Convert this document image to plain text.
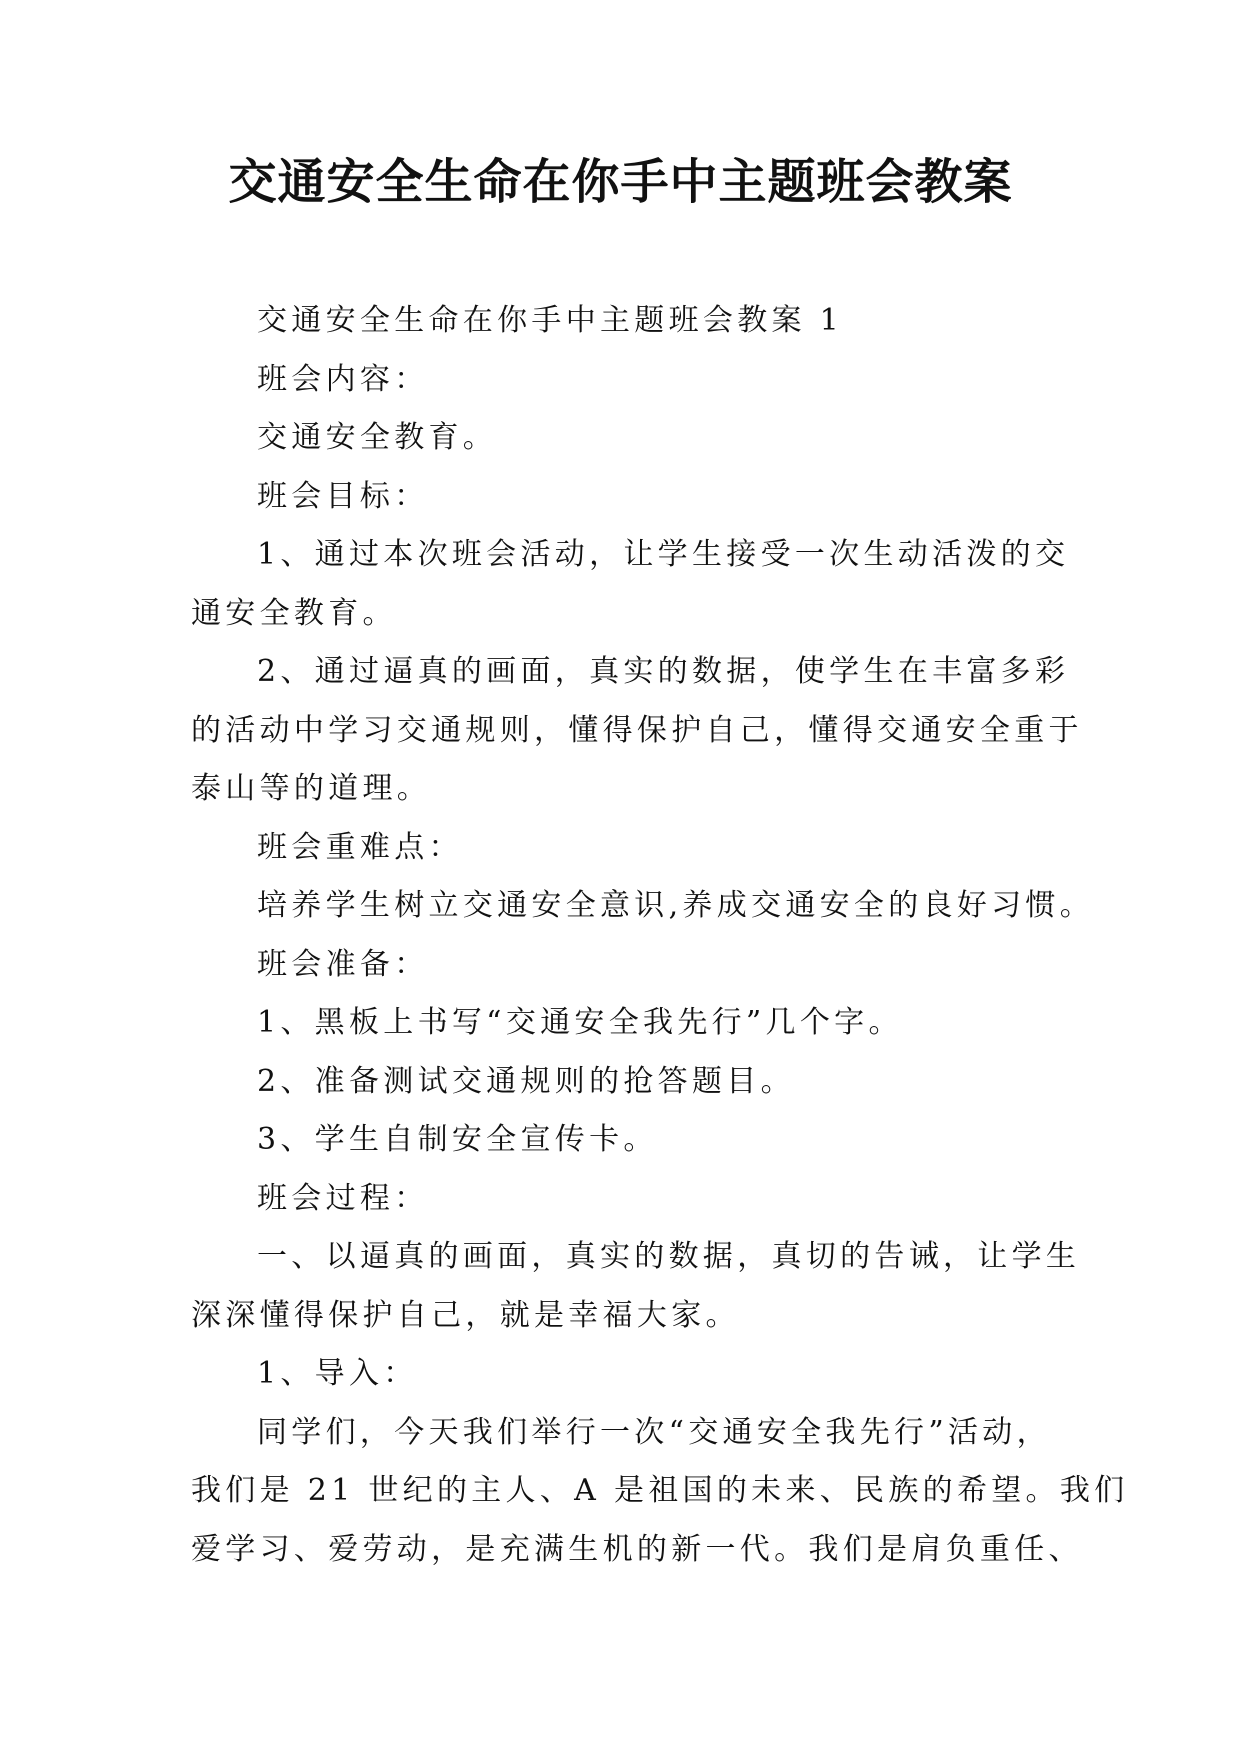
交通安全生命在你手中主题班会教案

交通安全生命在你手中主题班会教案 1

班会内容：

交通安全教育。

班会目标：

1、通过本次班会活动，让学生接受一次生动活泼的交
通安全教育。

2、通过逼真的画面，真实的数据，使学生在丰富多彩
的活动中学习交通规则，懂得保护自己，懂得交通安全重于
泰山等的道理。

班会重难点：

培养学生树立交通安全意识,养成交通安全的良好习惯。

班会准备：

1、黑板上书写“交通安全我先行”几个字。

2、准备测试交通规则的抢答题目。

3、学生自制安全宣传卡。

班会过程：

一、以逼真的画面，真实的数据，真切的告诫，让学生
深深懂得保护自己，就是幸福大家。

1、导入：

同学们，今天我们举行一次“交通安全我先行”活动，
我们是 21 世纪的主人、A 是祖国的未来、民族的希望。我们
爱学习、爱劳动，是充满生机的新一代。我们是肩负重任、
